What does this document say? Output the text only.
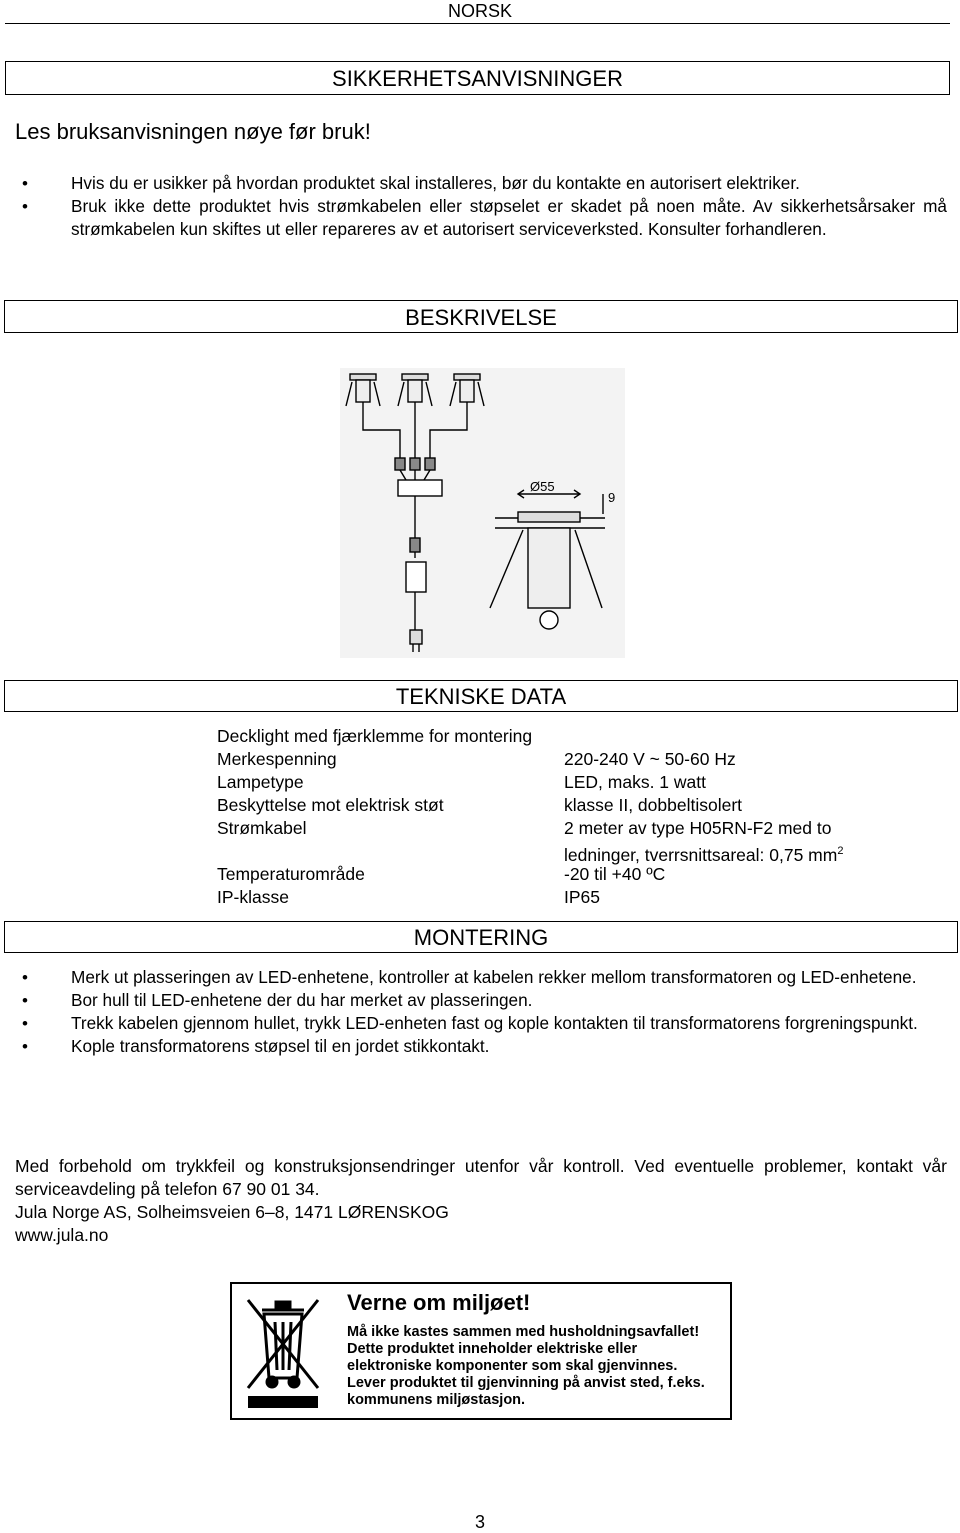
NORSK
SIKKERHETSANVISNINGER
Les bruksanvisningen nøye før bruk!
• Hvis du er usikker på hvordan produktet skal installeres, bør du kontakte en autorisert elektriker.
• Bruk ikke dette produktet hvis strømkabelen eller støpselet er skadet på noen måte. Av sikkerhetsårsaker må strømkabelen kun skiftes ut eller repareres av et autorisert serviceverksted. Konsulter forhandleren.
BESKRIVELSE
Ø55
9
TEKNISKE DATA
Decklight med fjærklemme for montering
Merkespenning	220-240 V ~ 50-60 Hz
Lampetype	LED, maks. 1 watt
Beskyttelse mot elektrisk støt	klasse II, dobbeltisolert
Strømkabel	2 meter av type H05RN-F2 med to
ledninger, tverrsnittsareal: 0,75 $mm^2$
Temperaturområde	-20 til +40 ºC
IP-klasse	IP65
MONTERING
• Merk ut plasseringen av LED-enhetene, kontroller at kabelen rekker mellom transformatoren og LED-enhetene.
• Bor hull til LED-enhetene der du har merket av plasseringen.
• Trekk kabelen gjennom hullet, trykk LED-enheten fast og kople kontakten til transformatorens forgreningspunkt.
• Kople transformatorens støpsel til en jordet stikkontakt.
Med forbehold om trykkfeil og konstruksjonsendringer utenfor vår kontroll. Ved eventuelle problemer, kontakt vår serviceavdeling på telefon 67 90 01 34.
Jula Norge AS, Solheimsveien 6–8, 1471 LØRENSKOG
www.jula.no
Verne om miljøet!
Må ikke kastes sammen med husholdningsavfallet!
Dette produktet inneholder elektriske eller
elektroniske komponenter som skal gjenvinnes.
Lever produktet til gjenvinning på anvist sted, f.eks.
kommunens miljøstasjon.
3
